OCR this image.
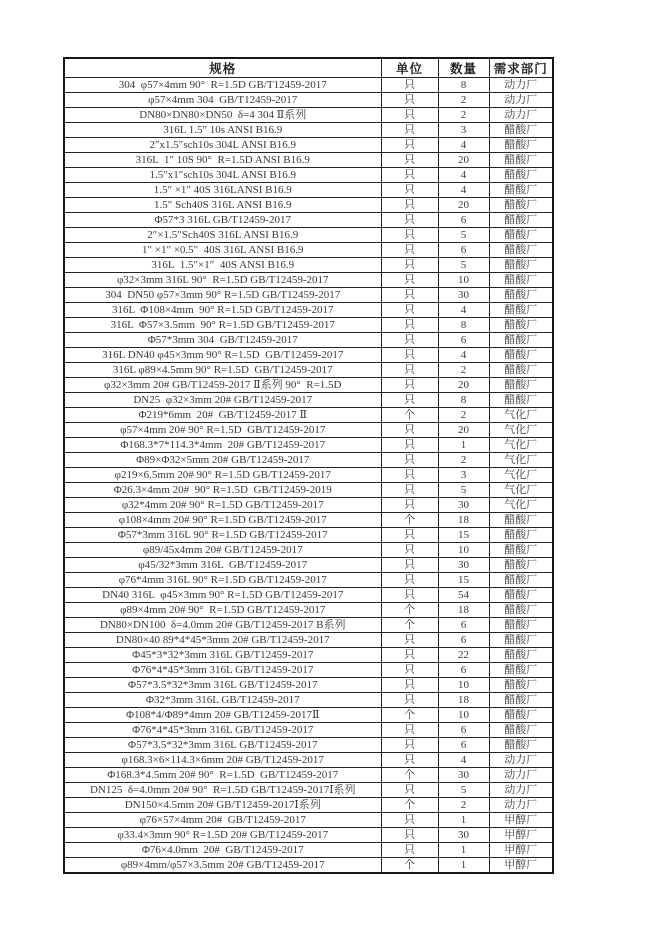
规格	单位	数量	需求部门
304  φ57×4mm 90°  R=1.5D GB/T12459-2017	只	8	动力厂
φ57×4mm 304  GB/T12459-2017	只	2	动力厂
DN80×DN80×DN50  δ=4 304 Ⅱ系列	只	2	动力厂
316L 1.5" 10s ANSI B16.9	只	3	醋酸厂
2″x1.5″sch10s 304L ANSI B16.9	只	4	醋酸厂
316L  1" 10S 90°  R=1.5D ANSI B16.9	只	20	醋酸厂
1.5″x1″sch10s 304L ANSI B16.9	只	4	醋酸厂
1.5" ×1" 40S 316LANSI B16.9	只	4	醋酸厂
1.5″ Sch40S 316L ANSI B16.9	只	20	醋酸厂
Φ57*3 316L GB/T12459-2017	只	6	醋酸厂
2″×1.5″Sch40S 316L ANSI B16.9	只	5	醋酸厂
1" ×1" ×0.5"  40S 316L ANSI B16.9	只	6	醋酸厂
316L  1.5″×1″  40S ANSI B16.9	只	5	醋酸厂
φ32×3mm 316L 90°  R=1.5D GB/T12459-2017	只	10	醋酸厂
304  DN50 φ57×3mm 90° R=1.5D GB/T12459-2017	只	30	醋酸厂
316L  Φ108×4mm  90° R=1.5D GB/T12459-2017	只	4	醋酸厂
316L  Φ57×3.5mm  90° R=1.5D GB/T12459-2017	只	8	醋酸厂
Φ57*3mm 304  GB/T12459-2017	只	6	醋酸厂
316L DN40 φ45×3mm 90° R=1.5D  GB/T12459-2017	只	4	醋酸厂
316L φ89×4.5mm 90° R=1.5D  GB/T12459-2017	只	2	醋酸厂
φ32×3mm 20# GB/T12459-2017 Ⅱ系列 90°  R=1.5D	只	20	醋酸厂
DN25  φ32×3mm 20# GB/T12459-2017	只	8	醋酸厂
Φ219*6mm  20#  GB/T12459-2017 Ⅱ	个	2	气化厂
φ57×4mm 20# 90° R=1.5D  GB/T12459-2017	只	20	气化厂
Φ168.3*7*114.3*4mm  20# GB/T12459-2017	只	1	气化厂
Φ89×Φ32×5mm 20# GB/T12459-2017	只	2	气化厂
φ219×6.5mm 20# 90° R=1.5D GB/T12459-2017	只	3	气化厂
Φ26.3×4mm 20#  90° R=1.5D  GB/T12459-2019	只	5	气化厂
φ32*4mm 20# 90° R=1.5D GB/T12459-2017	只	30	气化厂
φ108×4mm 20# 90° R=1.5D GB/T12459-2017	个	18	醋酸厂
Φ57*3mm 316L 90° R=1.5D GB/T12459-2017	只	15	醋酸厂
φ89/45x4mm 20# GB/T12459-2017	只	10	醋酸厂
φ45/32*3mm 316L  GB/T12459-2017	只	30	醋酸厂
φ76*4mm 316L 90° R=1.5D GB/T12459-2017	只	15	醋酸厂
DN40 316L  φ45×3mm 90° R=1.5D GB/T12459-2017	只	54	醋酸厂
φ89×4mm 20# 90°  R=1.5D GB/T12459-2017	个	18	醋酸厂
DN80×DN100  δ=4.0mm 20# GB/T12459-2017 B系列	个	6	醋酸厂
DN80×40 89*4*45*3mm 20# GB/T12459-2017	只	6	醋酸厂
Φ45*3*32*3mm 316L GB/T12459-2017	只	22	醋酸厂
Φ76*4*45*3mm 316L GB/T12459-2017	只	6	醋酸厂
Φ57*3.5*32*3mm 316L GB/T12459-2017	只	10	醋酸厂
Φ32*3mm 316L GB/T12459-2017	只	18	醋酸厂
Φ108*4/Φ89*4mm 20# GB/T12459-2017Ⅱ	个	10	醋酸厂
Φ76*4*45*3mm 316L GB/T12459-2017	只	6	醋酸厂
Φ57*3.5*32*3mm 316L GB/T12459-2017	只	6	醋酸厂
φ168.3×6×114.3×6mm 20# GB/T12459-2017	只	4	动力厂
Φ168.3*4.5mm 20# 90°  R=1.5D  GB/T12459-2017	个	30	动力厂
DN125  δ=4.0mm 20# 90°  R=1.5D GB/T12459-2017Ⅰ系列	只	5	动力厂
DN150×4.5mm 20# GB/T12459-2017Ⅰ系列	个	2	动力厂
φ76×57×4mm 20#  GB/T12459-2017	只	1	甲醇厂
φ33.4×3mm 90° R=1.5D 20# GB/T12459-2017	只	30	甲醇厂
Φ76×4.0mm  20#  GB/T12459-2017	只	1	甲醇厂
φ89×4mm/φ57×3.5mm 20# GB/T12459-2017	个	1	甲醇厂
